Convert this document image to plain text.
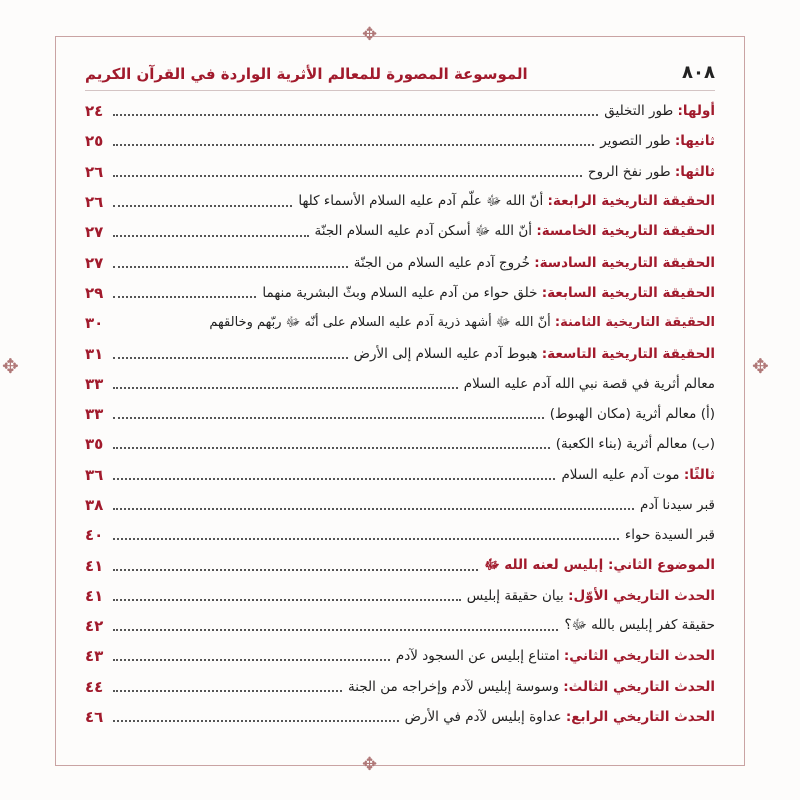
✥
✥
✥	✥
٨٠٨
الموسوعة المصورة للمعالم الأثرية الواردة في القرآن الكريم
أولها: طور التخليق
٢٤
ثانيها: طور التصوير
٢٥
ثالثها: طور نفخ الروح
٢٦
الحقيقة التاريخية الرابعة: أنّ الله ﷻ علّم آدم عليه السلام الأسماء كلها
٢٦
الحقيقة التاريخية الخامسة: أنّ الله ﷻ أسكن آدم عليه السلام الجنّة
٢٧
الحقيقة التاريخية السادسة: خُروج آدم عليه السلام من الجنّة
٢٧
الحقيقة التاريخية السابعة: خلق حواء من آدم عليه السلام وبثّ البشرية منهما
٢٩
الحقيقة التاريخية الثامنة: أنّ الله ﷻ أشهد ذرية آدم عليه السلام على أنّه ﷻ ربّهم وخالقهم
٣٠
الحقيقة التاريخية التاسعة: هبوط آدم عليه السلام إلى الأرض
٣١
معالم أثرية في قصة نبي الله آدم عليه السلام
٣٣
(أ) معالم أثرية (مكان الهبوط)
٣٣
(ب) معالم أثرية (بناء الكعبة)
٣٥
ثالثًا: موت آدم عليه السلام
٣٦
قبر سيدنا آدم
٣٨
قبر السيدة حواء
٤٠
الموضوع الثاني: إبليس لعنه الله ﷻ
٤١
الحدث التاريخي الأوّل: بيان حقيقة إبليس
٤١
حقيقة كفر إبليس بالله ﷻ؟
٤٢
الحدث التاريخي الثاني: امتناع إبليس عن السجود لآدم
٤٣
الحدث التاريخي الثالث: وسوسة إبليس لآدم وإخراجه من الجنة
٤٤
الحدث التاريخي الرابع: عداوة إبليس لآدم في الأرض
٤٦
